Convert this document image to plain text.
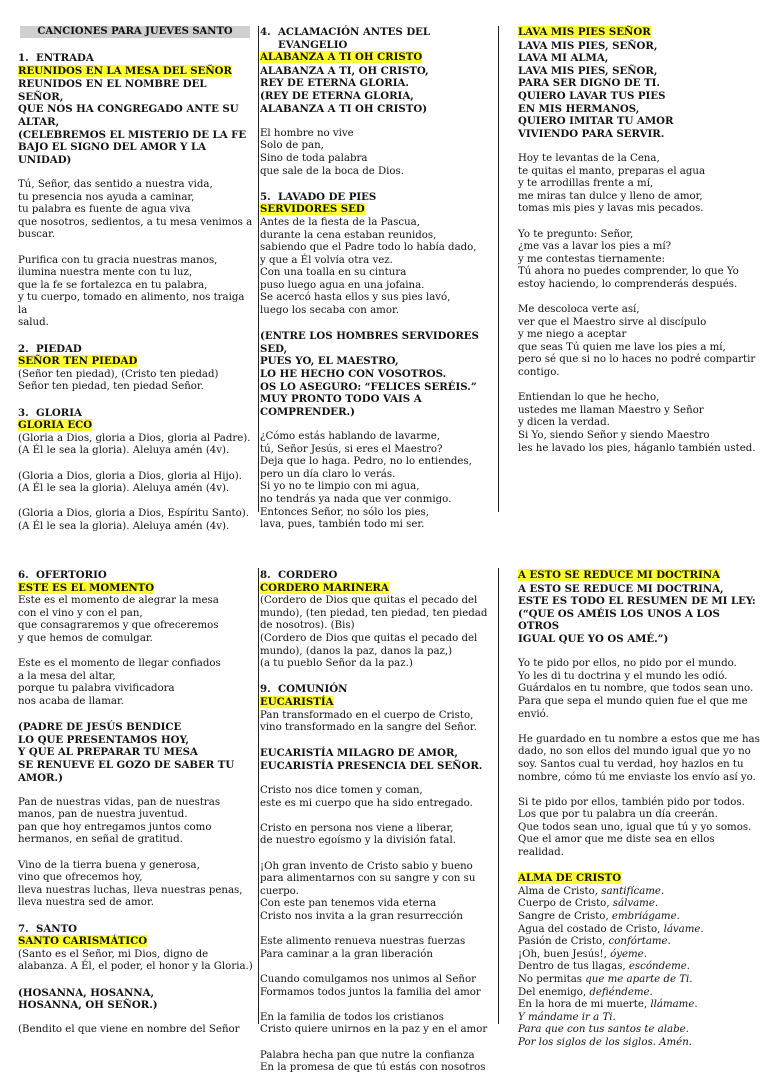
CANCIONES PARA JUEVES SANTO

1. ENTRADA

REUNIDOS EN LA MESA DEL SEÑOR

REUNIDOS EN EL NOMBRE DEL SEÑOR,

QUE NOS HA CONGREGADO ANTE SU

ALTAR,

(CELEBREMOS EL MISTERIO DE LA FE

BAJO EL SIGNO DEL AMOR Y LA UNIDAD)

Tú, Señor, das sentido a nuestra vida,

tu presencia nos ayuda a caminar,

tu palabra es fuente de agua viva

que nosotros, sedientos, a tu mesa venimos a

buscar.

Purifica con tu gracia nuestras manos,

ilumina nuestra mente con tu luz,

que la fe se fortalezca en tu palabra,

y tu cuerpo, tomado en alimento, nos traiga la

salud.

2. PIEDAD

SEÑOR TEN PIEDAD

(Señor ten piedad), (Cristo ten piedad)

Señor ten piedad, ten piedad Señor.

3. GLORIA

GLORIA ECO

(Gloria a Dios, gloria a Dios, gloria al Padre).

(A Él le sea la gloria). Aleluya amén (4v).

(Gloria a Dios, gloria a Dios, gloria al Hijo).

(A Él le sea la gloria). Aleluya amén (4v).

(Gloria a Dios, gloria a Dios, Espíritu Santo).

(A Él le sea la gloria). Aleluya amén (4v).

4. ACLAMACIÓN ANTES DEL EVANGELIO

ALABANZA A TI OH CRISTO

ALABANZA A TI, OH CRISTO,

REY DE ETERNA GLORIA.

(REY DE ETERNA GLORIA,

ALABANZA A TI OH CRISTO)

El hombre no vive

Solo de pan,

Sino de toda palabra

que sale de la boca de Dios.

5. LAVADO DE PIES

SERVIDORES SED

Antes de la fiesta de la Pascua,

durante la cena estaban reunidos,

sabiendo que el Padre todo lo había dado,

y que a Él volvía otra vez.

Con una toalla en su cintura

puso luego agua en una jofaina.

Se acercó hasta ellos y sus pies lavó,

luego los secaba con amor.

(ENTRE LOS HOMBRES SERVIDORES SED,

PUES YO, EL MAESTRO,

LO HE HECHO CON VOSOTROS.

OS LO ASEGURO: “FELICES SERÉIS.”

MUY PRONTO TODO VAIS A

COMPRENDER.)

¿Cómo estás hablando de lavarme,

tú, Señor Jesús, si eres el Maestro?

Deja que lo haga. Pedro, no lo entiendes,

pero un día claro lo verás.

Si yo no te limpio con mi agua,

no tendrás ya nada que ver conmigo.

Entonces Señor, no sólo los pies,

lava, pues, también todo mi ser.

LAVA MIS PIES SEÑOR

LAVA MIS PIES, SEÑOR,

LAVA MI ALMA,

LAVA MIS PIES, SEÑOR,

PARA SER DIGNO DE TI.

QUIERO LAVAR TUS PIES

EN MIS HERMANOS,

QUIERO IMITAR TU AMOR

VIVIENDO PARA SERVIR.

Hoy te levantas de la Cena,

te quitas el manto, preparas el agua

y te arrodillas frente a mí,

me miras tan dulce y lleno de amor,

tomas mis pies y lavas mis pecados.

Yo te pregunto: Señor,

¿me vas a lavar los pies a mí?

y me contestas tiernamente:

Tú ahora no puedes comprender, lo que Yo

estoy haciendo, lo comprenderás después.

Me descoloca verte así,

ver que el Maestro sirve al discípulo

y me niego a aceptar

que seas Tú quien me lave los pies a mí,

pero sé que si no lo haces no podré compartir

contigo.

Entiendan lo que he hecho,

ustedes me llaman Maestro y Señor

y dicen la verdad.

Si Yo, siendo Señor y siendo Maestro

les he lavado los pies, háganlo también usted.

6. OFERTORIO

ESTE ES EL MOMENTO

Este es el momento de alegrar la mesa

con el vino y con el pan,

que consagraremos y que ofreceremos

y que hemos de comulgar.

Este es el momento de llegar confiados

a la mesa del altar,

porque tu palabra vivificadora

nos acaba de llamar.

(PADRE DE JESÚS BENDICE

LO QUE PRESENTAMOS HOY,

Y QUE AL PREPARAR TU MESA

SE RENUEVE EL GOZO DE SABER TU AMOR.)

Pan de nuestras vidas, pan de nuestras

manos, pan de nuestra juventud.

pan que hoy entregamos juntos como

hermanos, en señal de gratitud.

Vino de la tierra buena y generosa,

vino que ofrecemos hoy,

lleva nuestras luchas, lleva nuestras penas,

lleva nuestra sed de amor.

7. SANTO

SANTO CARISMÁTICO

(Santo es el Señor, mi Dios, digno de

alabanza. A Él, el poder, el honor y la Gloria.)

(HOSANNA, HOSANNA,

HOSANNA, OH SEÑOR.)

(Bendito el que viene en nombre del Señor

8. CORDERO

CORDERO MARINERA

(Cordero de Dios que quitas el pecado del

mundo), (ten piedad, ten piedad, ten piedad

de nosotros). (Bis)

(Cordero de Dios que quitas el pecado del

mundo), (danos la paz, danos la paz,)

(a tu pueblo Señor da la paz.)

9. COMUNIÓN

EUCARISTÍA

Pan transformado en el cuerpo de Cristo,

vino transformado en la sangre del Señor.

EUCARISTÍA MILAGRO DE AMOR,

EUCARISTÍA PRESENCIA DEL SEÑOR.

Cristo nos dice tomen y coman,

este es mi cuerpo que ha sido entregado.

Cristo en persona nos viene a liberar,

de nuestro egoísmo y la división fatal.

¡Oh gran invento de Cristo sabio y bueno

para alimentarnos con su sangre y con su

cuerpo.

Con este pan tenemos vida eterna

Cristo nos invita a la gran resurrección

Este alimento renueva nuestras fuerzas

Para caminar a la gran liberación

Cuando comulgamos nos unimos al Señor

Formamos todos juntos la familia del amor

En la familia de todos los cristianos

Cristo quiere unirnos en la paz y en el amor

Palabra hecha pan que nutre la confianza

En la promesa de que tú estás con nosotros

A ESTO SE REDUCE MI DOCTRINA

A ESTO SE REDUCE MI DOCTRINA,

ESTE ES TODO EL RESUMEN DE MI LEY:

(“QUE OS AMÉIS LOS UNOS A LOS OTROS

IGUAL QUE YO OS AMÉ.”)

Yo te pido por ellos, no pido por el mundo.

Yo les di tu doctrina y el mundo les odió.

Guárdalos en tu nombre, que todos sean uno.

Para que sepa el mundo quien fue el que me envió.

He guardado en tu nombre a estos que me has

dado, no son ellos del mundo igual que yo no

soy. Santos cual tu verdad, hoy hazlos en tu

nombre, cómo tú me enviaste los envío así yo.

Si te pido por ellos, también pido por todos.

Los que por tu palabra un día creerán.

Que todos sean uno, igual que tú y yo somos.

Que el amor que me diste sea en ellos realidad.

ALMA DE CRISTO

Alma de Cristo, santifícame.

Cuerpo de Cristo, sálvame.

Sangre de Cristo, embriágame.

Agua del costado de Cristo, lávame.

Pasión de Cristo, confórtame.

¡Oh, buen Jesús!, óyeme.

Dentro de tus llagas, escóndeme.

No permitas que me aparte de Ti.

Del enemigo, defiéndeme.

En la hora de mi muerte, llámame.

Y mándame ir a Ti.

Para que con tus santos te alabe.

Por los siglos de los siglos. Amén.
